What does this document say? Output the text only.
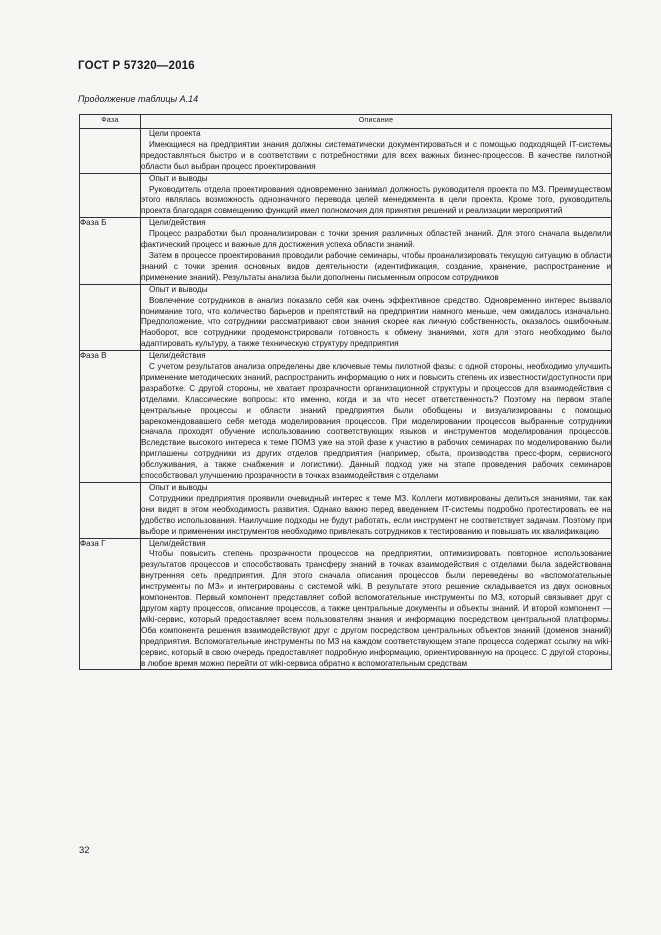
ГОСТ Р 57320—2016
Продолжение таблицы А.14
Фаза	Описание

	Цели проекта

Имеющиеся на предприятии знания должны систематически документироваться и с помощью подходящей IT-системы предоставляться быстро и в соответствии с потребностями для всех важных бизнес-процессов. В качестве пилотной области был выбран процесс проектирования

	Опыт и выводы

Руководитель отдела проектирования одновременно занимал должность руководителя проекта по МЗ. Преимуществом этого являлась возможность однозначного перевода целей менеджмента в цели проекта. Кроме того, руководитель проекта благодаря совмещению функций имел полномочия для принятия решений и реализации мероприятий

Фаза Б	Цели/действия

Процесс разработки был проанализирован с точки зрения различных областей знаний. Для этого сначала выделили фактический процесс и важные для достижения успеха области знаний.

Затем в процессе проектирования проводили рабочие семинары, чтобы проанализировать текущую ситуацию в области знаний с точки зрения основных видов деятельности (идентификация, создание, хранение, распространение и применение знаний). Результаты анализа были дополнены письменным опросом сотрудников

	Опыт и выводы

Вовлечение сотрудников в анализ показало себя как очень эффективное средство. Одновременно интерес вызвало понимание того, что количество барьеров и препятствий на предприятии намного меньше, чем ожидалось изначально. Предположение, что сотрудники рассматривают свои знания скорее как личную собственность, оказалось ошибочным. Наоборот, все сотрудники продемонстрировали готовность к обмену знаниями, хотя для этого необходимо было адаптировать культуру, а также техническую структуру предприятия

Фаза В	Цели/действия

С учетом результатов анализа определены две ключевые темы пилотной фазы: с одной стороны, необходимо улучшить применение методических знаний, распространить информацию о них и повысить степень их известности/доступности при разработке. С другой стороны, не хватает прозрачности организационной структуры и процессов для взаимодействия с отделами. Классические вопросы: кто именно, когда и за что несет ответственность? Поэтому на первом этапе центральные процессы и области знаний предприятия были обобщены и визуализированы с помощью зарекомендовавшего себя метода моделирования процессов. При моделировании процессов выбранные сотрудники сначала проходят обучение использованию соответствующих языков и инструментов моделирования процессов. Вследствие высокого интереса к теме ПОМЗ уже на этой фазе к участию в рабочих семинарах по моделированию были приглашены сотрудники из других отделов предприятия (например, сбыта, производства пресс-форм, сервисного обслуживания, а также снабжения и логистики). Данный подход уже на этапе проведения рабочих семинаров способствовал улучшению прозрачности в точках взаимодействия с отделами

	Опыт и выводы

Сотрудники предприятия проявили очевидный интерес к теме МЗ. Коллеги мотивированы делиться знаниями, так как они видят в этом необходимость развития. Однако важно перед введением IT-системы подробно протестировать ее на удобство использования. Наилучшие подходы не будут работать, если инструмент не соответствует задачам. Поэтому при выборе и применении инструментов необходимо привлекать сотрудников к тестированию и повышать их квалификацию

Фаза Г	Цели/действия

Чтобы повысить степень прозрачности процессов на предприятии, оптимизировать повторное использование результатов процессов и способствовать трансферу знаний в точках взаимодействия с отделами была задействована внутренняя сеть предприятия. Для этого сначала описания процессов были переведены во «вспомогательные инструменты по МЗ» и интегрированы с системой wiki. В результате этого решение складывается из двух основных компонентов. Первый компонент представляет собой вспомогательные инструменты по МЗ, который связывает друг с другом карту процессов, описание процессов, а также центральные документы и объекты знаний. И второй компонент — wiki-сервис, который предоставляет всем пользователям знания и информацию посредством центральной платформы. Оба компонента решения взаимодействуют друг с другом посредством центральных объектов знаний (доменов знаний) предприятия. Вспомогательные инструменты по МЗ на каждом соответствующем этапе процесса содержат ссылку на wiki-сервис, который в свою очередь предоставляет подробную информацию, ориентированную на процесс. С другой стороны, в любое время можно перейти от wiki-сервиса обратно к вспомогательным средствам

32
